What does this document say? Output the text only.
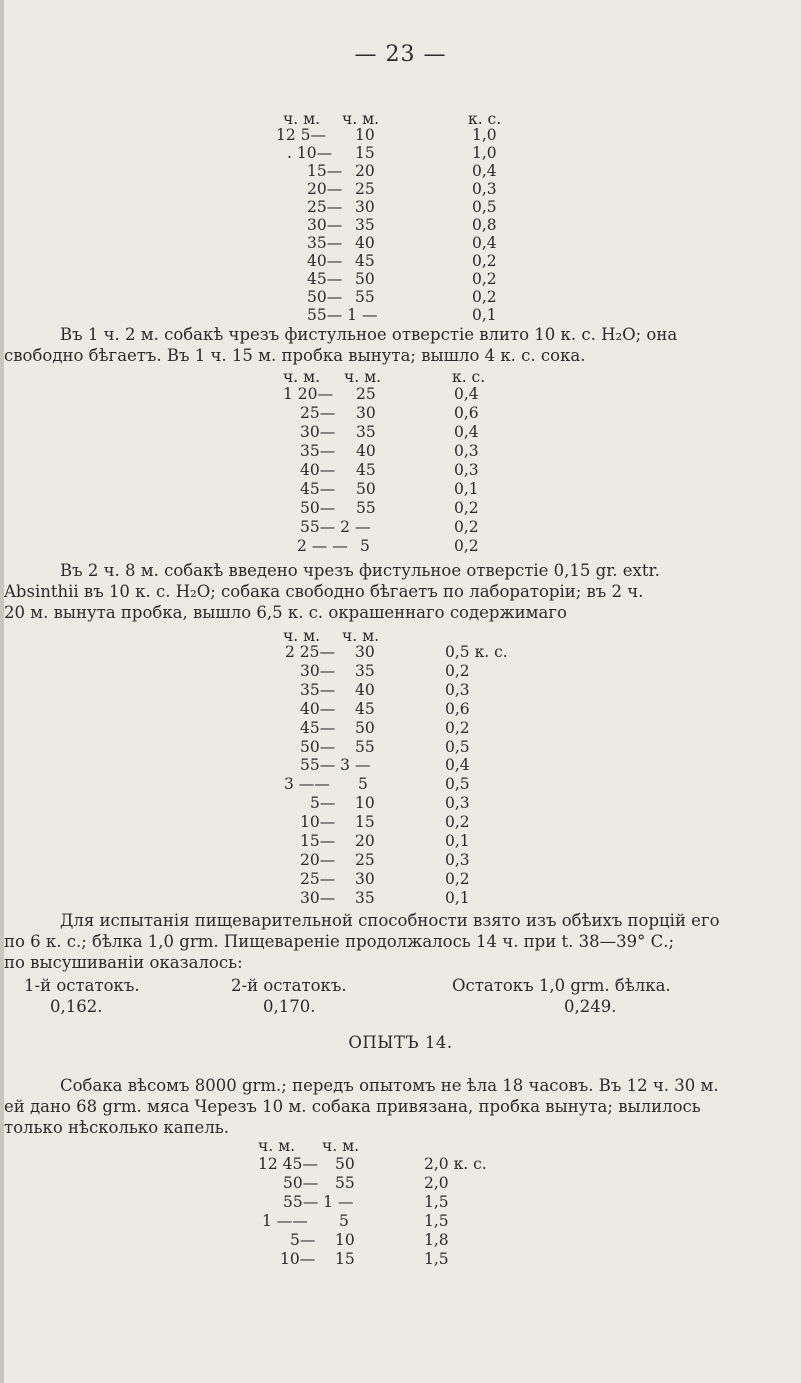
— 23 —
ч. м. ч. м.	к. с.
12 5— 10	1,0
. 10— 15	1,0
15— 20	0,4
20— 25	0,3
25— 30	0,5
30— 35	0,8
35— 40	0,4
40— 45	0,2
45— 50	0,2
50— 55	0,2
55— 1 —	0,1
Въ 1 ч. 2 м. собакѣ чрезъ фистульное отверстіе влито 10 к. с. H₂O; она
свободно бѣгаетъ. Въ 1 ч. 15 м. пробка вынута; вышло 4 к. с. сока.
ч. м. ч. м.	к. с.
1 20— 25	0,4
25— 30	0,6
30— 35	0,4
35— 40	0,3
40— 45	0,3
45— 50	0,1
50— 55	0,2
55— 2 —	0,2
2 — — 5	0,2
Въ 2 ч. 8 м. собакѣ введено чрезъ фистульное отверстіе 0,15 gr. extr.
Absinthii въ 10 к. с. H₂O; собака свободно бѣгаетъ по лабораторіи; въ 2 ч.
20 м. вынута пробка, вышло 6,5 к. с. окрашеннаго содержимаго
ч. м. ч. м.
2 25— 30	0,5 к. с.
30— 35	0,2
35— 40	0,3
40— 45	0,6
45— 50	0,2
50— 55	0,5
55— 3 —	0,4
3 —— 5	0,5
5— 10	0,3
10— 15	0,2
15— 20	0,1
20— 25	0,3
25— 30	0,2
30— 35	0,1
Для испытанія пищеварительной способности взято изъ обѣихъ порцій его
по 6 к. с.; бѣлка 1,0 grm. Пищевареніе продолжалось 14 ч. при t. 38—39° С.;
по высушиваніи оказалось:
1-й остатокъ.	2-й остатокъ.	Остатокъ 1,0 grm. бѣлка.
0,162.	0,170.	0,249.
ОПЫТЪ 14.
Собака вѣсомъ 8000 grm.; передъ опытомъ не ѣла 18 часовъ. Въ 12 ч. 30 м.
ей дано 68 grm. мяса Черезъ 10 м. собака привязана, пробка вынута; вылилось
только нѣсколько капель.
ч. м. ч. м.
12 45— 50	2,0 к. с.
50— 55	2,0
55— 1 —	1,5
1 —— 5	1,5
5— 10	1,8
10— 15	1,5
